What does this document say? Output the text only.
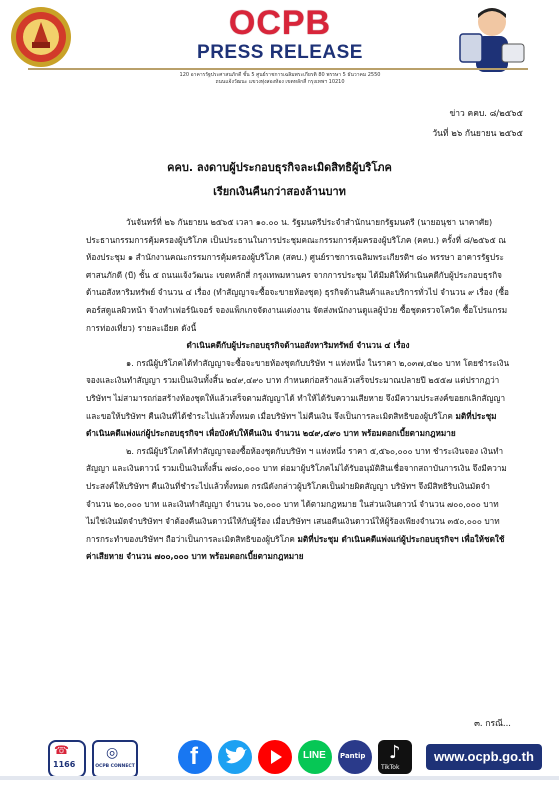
OCPB
PRESS RELEASE
120 อาคารรัฐประศาสนภักดี ชั้น 5 ศูนย์ราชการเฉลิมพระเกียรติ 80 พรรษา 5 ธันวาคม 2550
ถนนแจ้งวัฒนะ แขวงทุ่งสองห้อง เขตหลักสี่ กรุงเทพฯ 10210
ข่าว คคบ. ๘/๒๕๖๕
วันที่ ๒๖ กันยายน ๒๕๖๕
คคบ. ลงดาบผู้ประกอบธุรกิจละเมิดสิทธิผู้บริโภค
เรียกเงินคืนกว่าสองล้านบาท

วันจันทร์ที่ ๒๖ กันยายน ๒๕๖๕ เวลา ๑๐.๐๐ น. รัฐมนตรีประจำสำนักนายกรัฐมนตรี (นายอนุชา นาคาศัย) ประธานกรรมการคุ้มครองผู้บริโภค เป็นประธานในการประชุมคณะกรรมการคุ้มครองผู้บริโภค (คคบ.) ครั้งที่ ๘/๒๕๖๕ ณ ห้องประชุม ๑ สำนักงานคณะกรรมการคุ้มครองผู้บริโภค (สคบ.) ศูนย์ราชการเฉลิมพระเกียรติฯ ๘๐ พรรษา อาคารรัฐประศาสนภักดี (บี) ชั้น ๕ ถนนแจ้งวัฒนะ เขตหลักสี่ กรุงเทพมหานคร จากการประชุม ได้มีมติให้ดำเนินคดีกับผู้ประกอบธุรกิจด้านอสังหาริมทรัพย์ จำนวน ๔ เรื่อง (ทำสัญญาจะซื้อจะขายห้องชุด) ธุรกิจด้านสินค้าและบริการทั่วไป จำนวน ๙ เรื่อง (ซื้อคอร์สดูแลผิวหน้า จ้างทำเฟอร์นิเจอร์ จองแพ็กเกจจัดงานแต่งงาน จัดส่งพนักงานดูแลผู้ป่วย ซื้อชุดตรวจโควิด ซื้อโปรแกรมการท่องเที่ยว) รายละเอียด ดังนี้

ดำเนินคดีกับผู้ประกอบธุรกิจด้านอสังหาริมทรัพย์ จำนวน ๔ เรื่อง

๑. กรณีผู้บริโภคได้ทำสัญญาจะซื้อจะขายห้องชุดกับบริษัท ฯ แห่งหนึ่ง ในราคา ๒,๐๓๗,๔๒๐ บาท โดยชำระเงินจองและเงินทำสัญญา รวมเป็นเงินทั้งสิ้น ๒๔๙,๔๙๐ บาท กำหนดก่อสร้างแล้วเสร็จประมาณปลายปี ๒๕๕๗ แต่ปรากฏว่าบริษัทฯ ไม่สามารถก่อสร้างห้องชุดให้แล้วเสร็จตามสัญญาได้ ทำให้ได้รับความเสียหาย จึงมีความประสงค์ขอยกเลิกสัญญาและขอให้บริษัทฯ คืนเงินที่ได้ชำระไปแล้วทั้งหมด เมื่อบริษัทฯ ไม่คืนเงิน จึงเป็นการละเมิดสิทธิของผู้บริโภค มติที่ประชุม ดำเนินคดีแพ่งแก่ผู้ประกอบธุรกิจฯ เพื่อบังคับให้คืนเงิน จำนวน ๒๔๙,๔๙๐ บาท พร้อมดอกเบี้ยตามกฎหมาย

๒. กรณีผู้บริโภคได้ทำสัญญาจองซื้อห้องชุดกับบริษัท ฯ แห่งหนึ่ง ราคา ๕,๕๖๐,๐๐๐ บาท ชำระเงินจอง เงินทำสัญญา และเงินดาวน์ รวมเป็นเงินทั้งสิ้น ๗๘๐,๐๐๐ บาท ต่อมาผู้บริโภคไม่ได้รับอนุมัติสินเชื่อจากสถาบันการเงิน จึงมีความประสงค์ให้บริษัทฯ คืนเงินที่ชำระไปแล้วทั้งหมด กรณีดังกล่าวผู้บริโภคเป็นฝ่ายผิดสัญญา บริษัทฯ จึงมีสิทธิริบเงินมัดจำ จำนวน ๒๐,๐๐๐ บาท และเงินทำสัญญา จำนวน ๖๐,๐๐๐ บาท ได้ตามกฎหมาย ในส่วนเงินดาวน์ จำนวน ๗๐๐,๐๐๐ บาท ไม่ใช่เงินมัดจำบริษัทฯ จำต้องคืนเงินดาวน์ให้กับผู้ร้อง เมื่อบริษัทฯ เสนอคืนเงินดาวน์ให้ผู้ร้องเพียงจำนวน ๓๕๐,๐๐๐ บาท การกระทำของบริษัทฯ ถือว่าเป็นการละเมิดสิทธิของผู้บริโภค มติที่ประชุม ดำเนินคดีแพ่งแก่ผู้ประกอบธุรกิจฯ เพื่อให้ชดใช้ค่าเสียหาย จำนวน ๗๐๐,๐๐๐ บาท พร้อมดอกเบี้ยตามกฎหมาย

๓. กรณี...
☎
1166
◎
OCPB CONNECT f	LINE Pantip ♪
TikTok
www.ocpb.go.th
